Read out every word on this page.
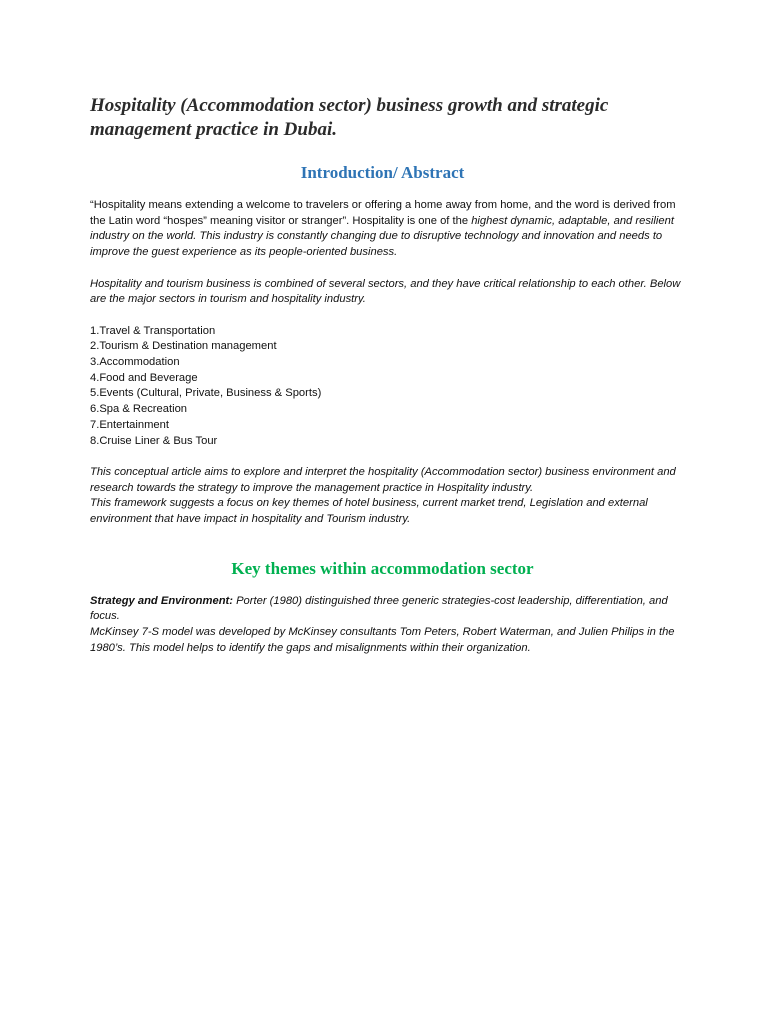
Hospitality (Accommodation sector) business growth and strategic management practice in Dubai.
Introduction/ Abstract

“Hospitality means extending a welcome to travelers or offering a home away from home, and the word is derived from the Latin word “hospes” meaning visitor or stranger”. Hospitality is one of the highest dynamic, adaptable, and resilient industry on the world. This industry is constantly changing due to disruptive technology and innovation and needs to improve the guest experience as its people-oriented business.

Hospitality and tourism business is combined of several sectors, and they have critical relationship to each other. Below are the major sectors in tourism and hospitality industry.

1.Travel & Transportation
2.Tourism & Destination management
3.Accommodation
4.Food and Beverage
5.Events (Cultural, Private, Business & Sports)
6.Spa & Recreation
7.Entertainment
8.Cruise Liner & Bus Tour

This conceptual article aims to explore and interpret the hospitality (Accommodation sector) business environment and research towards the strategy to improve the management practice in Hospitality industry.
This framework suggests a focus on key themes of hotel business, current market trend, Legislation and external environment that have impact in hospitality and Tourism industry.

Key themes within accommodation sector

Strategy and Environment: Porter (1980) distinguished three generic strategies-cost leadership, differentiation, and focus.
McKinsey 7-S model was developed by McKinsey consultants Tom Peters, Robert Waterman, and Julien Philips in the 1980’s. This model helps to identify the gaps and misalignments within their organization.
